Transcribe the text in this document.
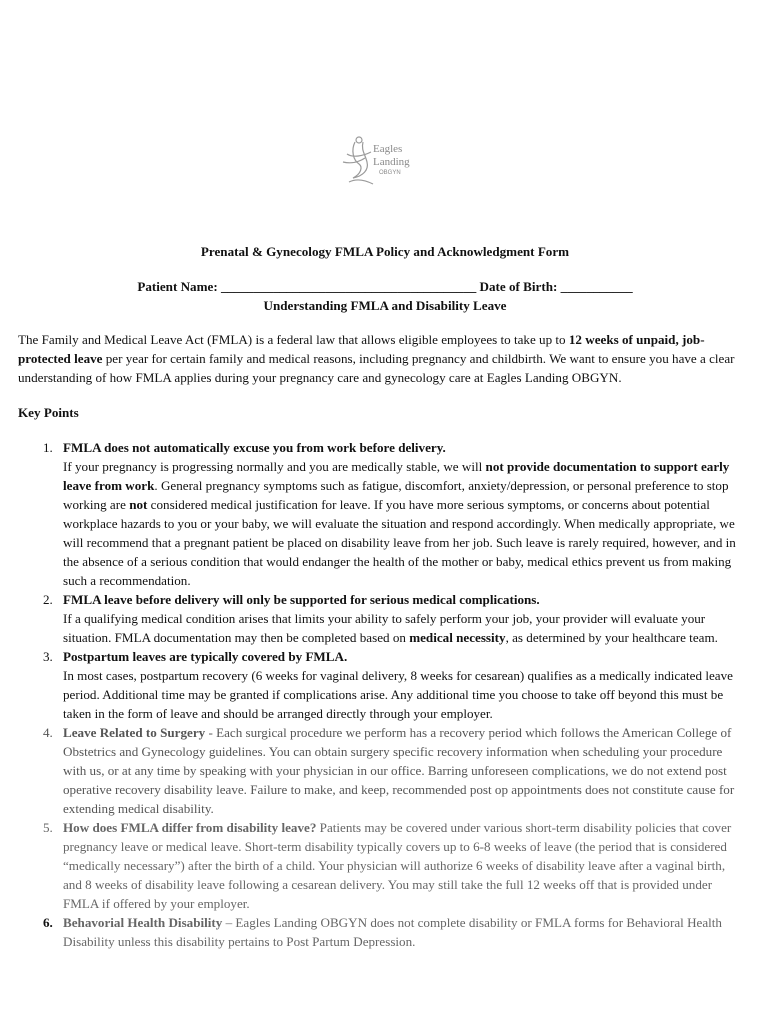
Eagles
Landing
OBGYN
Prenatal & Gynecology FMLA Policy and Acknowledgment Form
Patient Name: _______________________________________ Date of Birth: ___________
Understanding FMLA and Disability Leave
The Family and Medical Leave Act (FMLA) is a federal law that allows eligible employees to take up to 12 weeks of unpaid, job-protected leave per year for certain family and medical reasons, including pregnancy and childbirth. We want to ensure you have a clear understanding of how FMLA applies during your pregnancy care and gynecology care at Eagles Landing OBGYN.
Key Points
1. FMLA does not automatically excuse you from work before delivery.
If your pregnancy is progressing normally and you are medically stable, we will not provide documentation to support early leave from work. General pregnancy symptoms such as fatigue, discomfort, anxiety/depression, or personal preference to stop working are not considered medical justification for leave. If you have more serious symptoms, or concerns about potential workplace hazards to you or your baby, we will evaluate the situation and respond accordingly. When medically appropriate, we will recommend that a pregnant patient be placed on disability leave from her job. Such leave is rarely required, however, and in the absence of a serious condition that would endanger the health of the mother or baby, medical ethics prevent us from making such a recommendation.
2. FMLA leave before delivery will only be supported for serious medical complications.
If a qualifying medical condition arises that limits your ability to safely perform your job, your provider will evaluate your situation. FMLA documentation may then be completed based on medical necessity, as determined by your healthcare team.
3. Postpartum leaves are typically covered by FMLA.
In most cases, postpartum recovery (6 weeks for vaginal delivery, 8 weeks for cesarean) qualifies as a medically indicated leave period. Additional time may be granted if complications arise. Any additional time you choose to take off beyond this must be taken in the form of leave and should be arranged directly through your employer.
4. Leave Related to Surgery - Each surgical procedure we perform has a recovery period which follows the American College of Obstetrics and Gynecology guidelines. You can obtain surgery specific recovery information when scheduling your procedure with us, or at any time by speaking with your physician in our office. Barring unforeseen complications, we do not extend post operative recovery disability leave. Failure to make, and keep, recommended post op appointments does not constitute cause for extending medical disability.
5. How does FMLA differ from disability leave? Patients may be covered under various short-term disability policies that cover pregnancy leave or medical leave. Short-term disability typically covers up to 6-8 weeks of leave (the period that is considered “medically necessary”) after the birth of a child. Your physician will authorize 6 weeks of disability leave after a vaginal birth, and 8 weeks of disability leave following a cesarean delivery. You may still take the full 12 weeks off that is provided under FMLA if offered by your employer.
6. Behavorial Health Disability – Eagles Landing OBGYN does not complete disability or FMLA forms for Behavioral Health Disability unless this disability pertains to Post Partum Depression.
